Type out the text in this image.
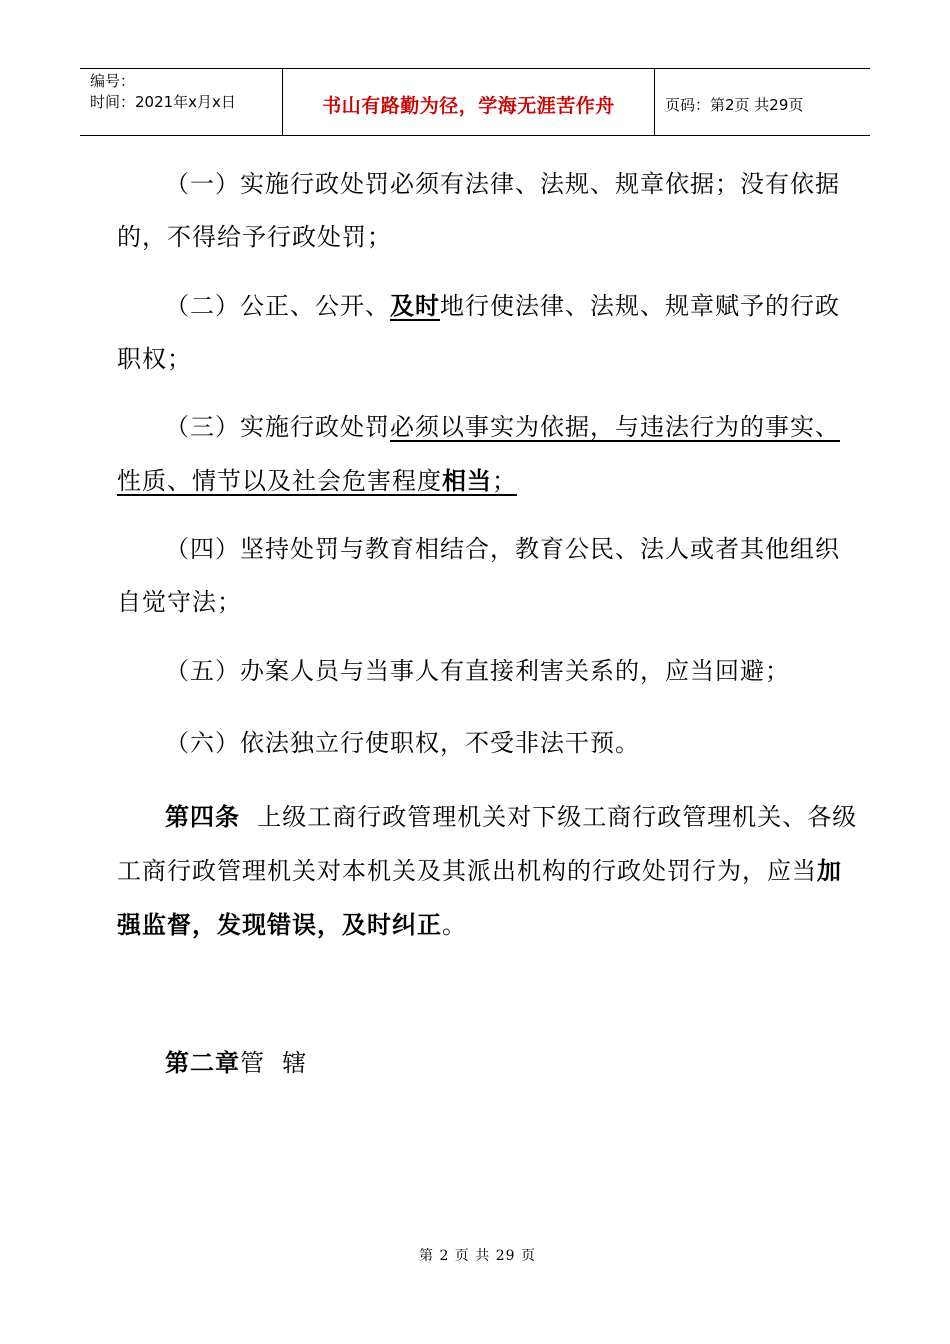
编号：
时间：2021年x月x日	书山有路勤为径，学海无涯苦作舟	页码：第2页 共29页

（一）实施行政处罚必须有法律、法规、规章依据；没有依据的，不得给予行政处罚；

（二）公正、公开、及时地行使法律、法规、规章赋予的行政职权；

（三）实施行政处罚必须以事实为依据，与违法行为的事实、性质、情节以及社会危害程度相当；

（四）坚持处罚与教育相结合，教育公民、法人或者其他组织自觉守法；

（五）办案人员与当事人有直接利害关系的，应当回避；

（六）依法独立行使职权，不受非法干预。

第四条 上级工商行政管理机关对下级工商行政管理机关、各级工商行政管理机关对本机关及其派出机构的行政处罚行为，应当加强监督，发现错误，及时纠正。

第二章管  辖
第 2 页 共 29 页
